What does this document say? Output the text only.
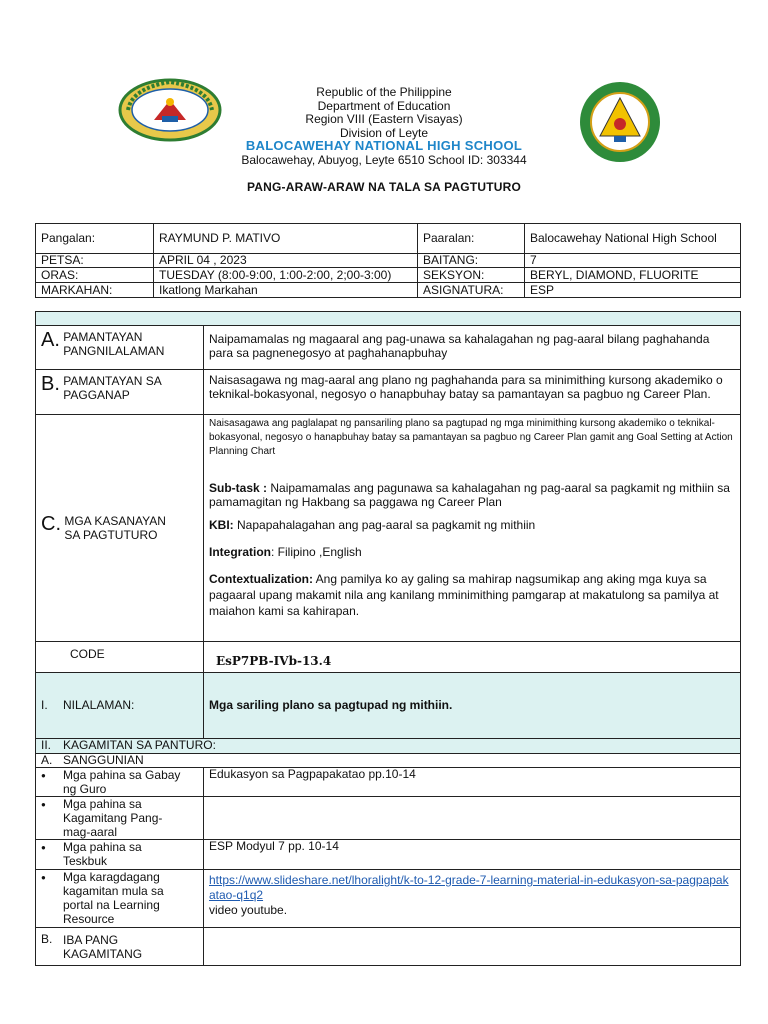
Republic of the Philippine
Department of Education
Region VIII (Eastern Visayas)
Division of Leyte
BALOCAWEHAY NATIONAL HIGH SCHOOL
Balocawehay, Abuyog, Leyte 6510 School ID: 303344
PANG-ARAW-ARAW NA TALA SA PAGTUTURO
Pangalan:	RAYMUND P. MATIVO	Paaralan:	Balocawehay National High School
PETSA:	APRIL 04 , 2023	BAITANG:	7
ORAS:	TUESDAY (8:00-9:00, 1:00-2:00, 2;00-3:00)	SEKSYON:	BERYL, DIAMOND, FLUORITE
MARKAHAN:	Ikatlong Markahan	ASIGNATURA:	ESP

A. PAMANTAYAN PANGNILALAMAN	Naipamamalas ng magaaral ang pag-unawa sa kahalagahan ng pag-aaral bilang paghahanda para sa pagnenegosyo at paghahanapbuhay
B. PAMANTAYAN SA PAGGANAP	Naisasagawa ng mag-aaral ang plano ng paghahanda para sa minimithing kursong akademiko o teknikal-bokasyonal, negosyo o hanapbuhay batay sa pamantayan sa pagbuo ng Career Plan.
C. MGA KASANAYAN SA PAGTUTURO	Naisasagawa ang paglalapat ng pansariling plano sa pagtupad ng mga minimithing kursong akademiko o teknikal-bokasyonal, negosyo o hanapbuhay batay sa pamantayan sa pagbuo ng Career Plan gamit ang Goal Setting at Action Planning Chart
Sub-task : Naipamamalas ang pagunawa sa kahalagahan ng pag-aaral sa pagkamit ng mithiin sa pamamagitan ng Hakbang sa paggawa ng Career Plan
KBI: Napapahalagahan ang pag-aaral sa pagkamit ng mithiin
Integration: Filipino ,English
Contextualization: Ang pamilya ko ay galing sa mahirap nagsumikap ang aking mga kuya sa pagaaral upang makamit nila ang kanilang mminimithing pamgarap at makatulong sa pamilya at maiahon kami sa kahirapan.

CODE	EsP7PB-IVb-13.4
I. NILALAMAN:	Mga sariling plano sa pagtupad ng mithiin.
II. KAGAMITAN SA PANTURO:	
A. SANGGUNIAN	
● Mga pahina sa Gabay ng Guro	Edukasyon sa Pagpapakatao pp.10-14
● Mga pahina sa Kagamitang Pang-mag-aaral	
● Mga pahina sa Teskbuk	ESP Modyul 7 pp. 10-14
● Mga karagdagang kagamitan mula sa portal na Learning Resource	https://www.slideshare.net/lhoralight/k-to-12-grade-7-learning-material-in-edukasyon-sa-pagpapakatao-q1q2
video youtube.

B. IBA PANG KAGAMITANG	
